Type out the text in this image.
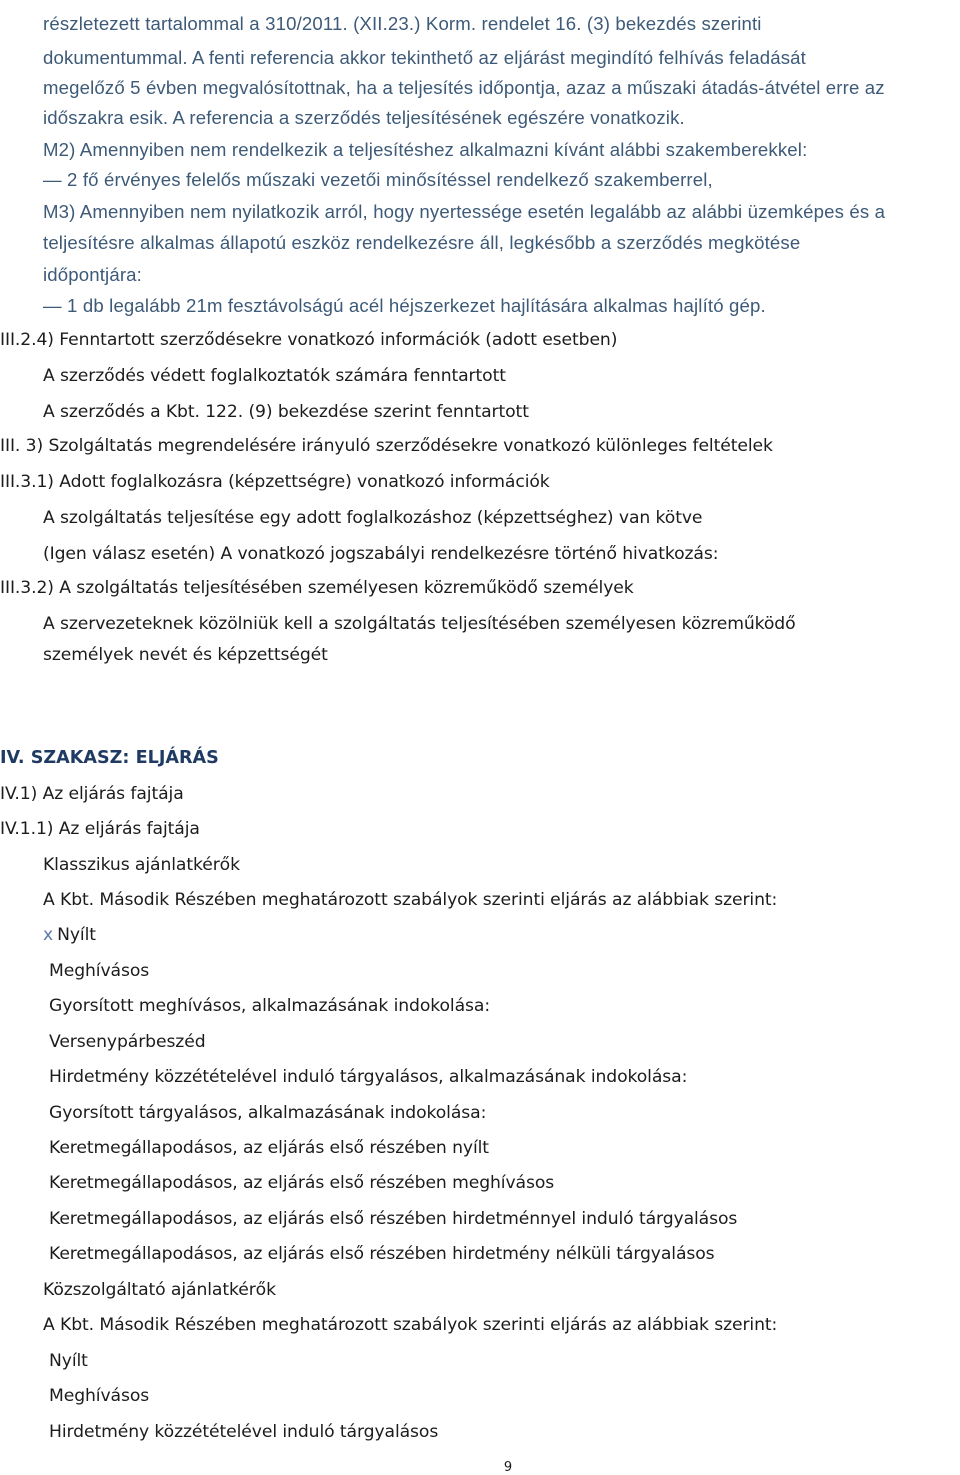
részletezett tartalommal a 310/2011. (XII.23.) Korm. rendelet 16. (3) bekezdés szerinti
dokumentummal. A fenti referencia akkor tekinthető az eljárást megindító felhívás feladását
megelőző 5 évben megvalósítottnak, ha a teljesítés időpontja, azaz a műszaki átadás-átvétel erre az
időszakra esik. A referencia a szerződés teljesítésének egészére vonatkozik.
M2) Amennyiben nem rendelkezik a teljesítéshez alkalmazni kívánt alábbi szakemberekkel:
— 2 fő érvényes felelős műszaki vezetői minősítéssel rendelkező szakemberrel,
M3) Amennyiben nem nyilatkozik arról, hogy nyertessége esetén legalább az alábbi üzemképes és a
teljesítésre alkalmas állapotú eszköz rendelkezésre áll, legkésőbb a szerződés megkötése
időpontjára:
— 1 db legalább 21m fesztávolságú acél héjszerkezet hajlítására alkalmas hajlító gép.
III.2.4) Fenntartott szerződésekre vonatkozó információk (adott esetben)
A szerződés védett foglalkoztatók számára fenntartott
A szerződés a Kbt. 122. (9) bekezdése szerint fenntartott
III. 3) Szolgáltatás megrendelésére irányuló szerződésekre vonatkozó különleges feltételek
III.3.1) Adott foglalkozásra (képzettségre) vonatkozó információk
A szolgáltatás teljesítése egy adott foglalkozáshoz (képzettséghez) van kötve
(Igen válasz esetén) A vonatkozó jogszabályi rendelkezésre történő hivatkozás:
III.3.2) A szolgáltatás teljesítésében személyesen közreműködő személyek
A szervezeteknek közölniük kell a szolgáltatás teljesítésében személyesen közreműködő
személyek nevét és képzettségét
IV. SZAKASZ: ELJÁRÁS
IV.1) Az eljárás fajtája
IV.1.1) Az eljárás fajtája
Klasszikus ajánlatkérők
A Kbt. Második Részében meghatározott szabályok szerinti eljárás az alábbiak szerint:
x Nyílt
Meghívásos
Gyorsított meghívásos, alkalmazásának indokolása:
Versenypárbeszéd
Hirdetmény közzétételével induló tárgyalásos, alkalmazásának indokolása:
Gyorsított tárgyalásos, alkalmazásának indokolása:
Keretmegállapodásos, az eljárás első részében nyílt
Keretmegállapodásos, az eljárás első részében meghívásos
Keretmegállapodásos, az eljárás első részében hirdetménnyel induló tárgyalásos
Keretmegállapodásos, az eljárás első részében hirdetmény nélküli tárgyalásos
Közszolgáltató ajánlatkérők
A Kbt. Második Részében meghatározott szabályok szerinti eljárás az alábbiak szerint:
Nyílt
Meghívásos
Hirdetmény közzétételével induló tárgyalásos
9
